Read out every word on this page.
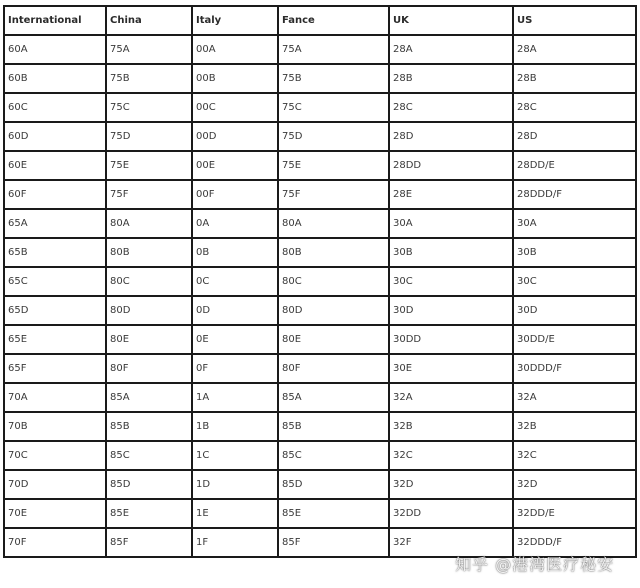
International	China	Italy	Fance	UK	US
60A	75A	00A	75A	28A	28A
60B	75B	00B	75B	28B	28B
60C	75C	00C	75C	28C	28C
60D	75D	00D	75D	28D	28D
60E	75E	00E	75E	28DD	28DD/E
60F	75F	00F	75F	28E	28DDD/F
65A	80A	0A	80A	30A	30A
65B	80B	0B	80B	30B	30B
65C	80C	0C	80C	30C	30C
65D	80D	0D	80D	30D	30D
65E	80E	0E	80E	30DD	30DD/E
65F	80F	0F	80F	30E	30DDD/F
70A	85A	1A	85A	32A	32A
70B	85B	1B	85B	32B	32B
70C	85C	1C	85C	32C	32C
70D	85D	1D	85D	32D	32D
70E	85E	1E	85E	32DD	32DD/E
70F	85F	1F	85F	32F	32DDD/F
知乎 @港湾医疗秘安
